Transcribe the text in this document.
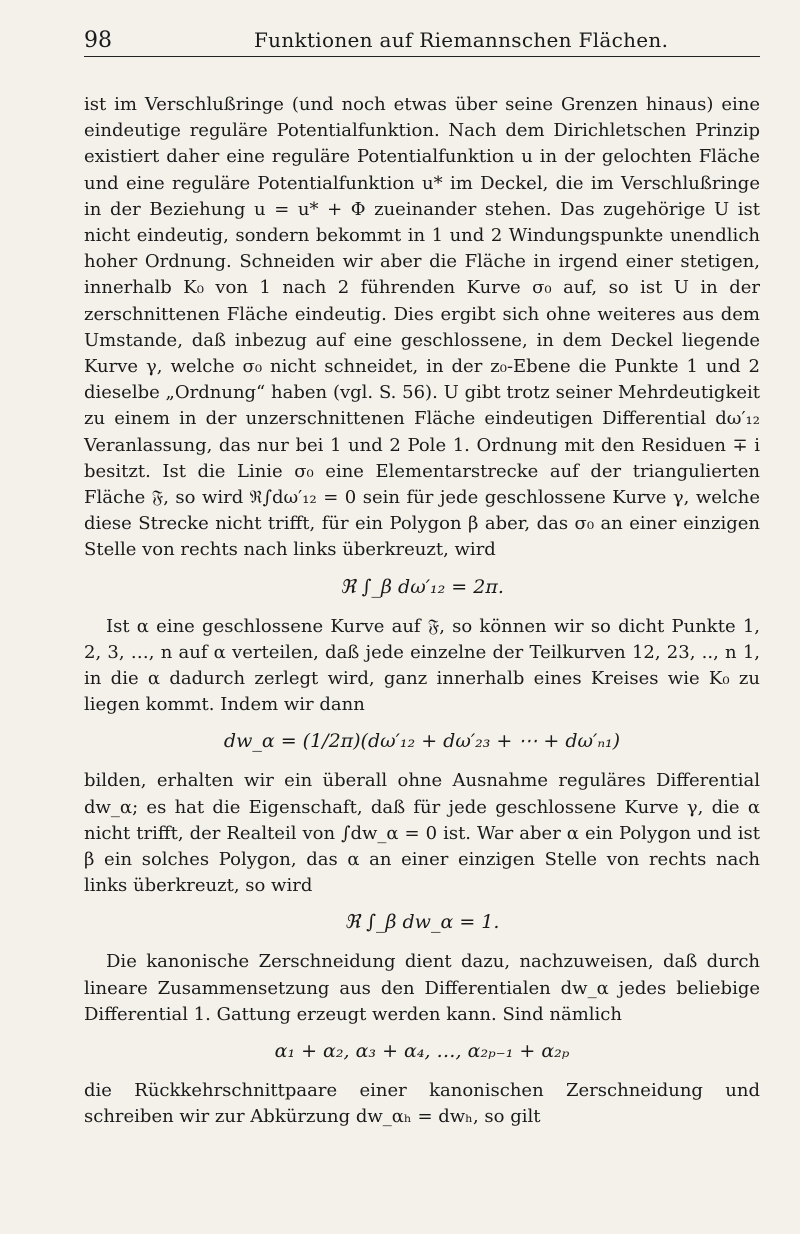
98	Funktionen auf Riemannschen Flächen.

ist im Verschlußringe (und noch etwas über seine Grenzen hinaus) eine eindeutige reguläre Potentialfunktion. Nach dem Dirichletschen Prinzip existiert daher eine reguläre Potentialfunktion u in der gelochten Fläche und eine reguläre Potentialfunktion u* im Deckel, die im Verschlußringe in der Beziehung u = u* + Φ zueinander stehen. Das zugehörige U ist nicht eindeutig, sondern bekommt in 1 und 2 Windungspunkte unendlich hoher Ordnung. Schneiden wir aber die Fläche in irgend einer stetigen, innerhalb K₀ von 1 nach 2 führenden Kurve σ₀ auf, so ist U in der zerschnittenen Fläche eindeutig. Dies ergibt sich ohne weiteres aus dem Umstande, daß inbezug auf eine geschlossene, in dem Deckel liegende Kurve γ, welche σ₀ nicht schneidet, in der z₀-Ebene die Punkte 1 und 2 dieselbe „Ordnung“ haben (vgl. S. 56). U gibt trotz seiner Mehrdeutigkeit zu einem in der unzerschnittenen Fläche eindeutigen Differential dω′₁₂ Veranlassung, das nur bei 1 und 2 Pole 1. Ordnung mit den Residuen ∓ i besitzt. Ist die Linie σ₀ eine Elementarstrecke auf der triangulierten Fläche 𝔉, so wird ℜ∫dω′₁₂ = 0 sein für jede geschlossene Kurve γ, welche diese Strecke nicht trifft, für ein Polygon β aber, das σ₀ an einer einzigen Stelle von rechts nach links überkreuzt, wird

ℜ ∫_β dω′₁₂ = 2π.

Ist α eine geschlossene Kurve auf 𝔉, so können wir so dicht Punkte 1, 2, 3, …, n auf α verteilen, daß jede einzelne der Teilkurven 12, 23, .., n 1, in die α dadurch zerlegt wird, ganz innerhalb eines Kreises wie K₀ zu liegen kommt. Indem wir dann

dw_α = (1/2π)(dω′₁₂ + dω′₂₃ + ⋯ + dω′ₙ₁)

bilden, erhalten wir ein überall ohne Ausnahme reguläres Differential dw_α; es hat die Eigenschaft, daß für jede geschlossene Kurve γ, die α nicht trifft, der Realteil von ∫dw_α = 0 ist. War aber α ein Polygon und ist β ein solches Polygon, das α an einer einzigen Stelle von rechts nach links überkreuzt, so wird

ℜ ∫_β dw_α = 1.

Die kanonische Zerschneidung dient dazu, nachzuweisen, daß durch lineare Zusammensetzung aus den Differentialen dw_α jedes beliebige Differential 1. Gattung erzeugt werden kann. Sind nämlich

α₁ + α₂, α₃ + α₄, …, α₂ₚ₋₁ + α₂ₚ

die Rückkehrschnittpaare einer kanonischen Zerschneidung und schreiben wir zur Abkürzung dw_αₕ = dwₕ, so gilt
